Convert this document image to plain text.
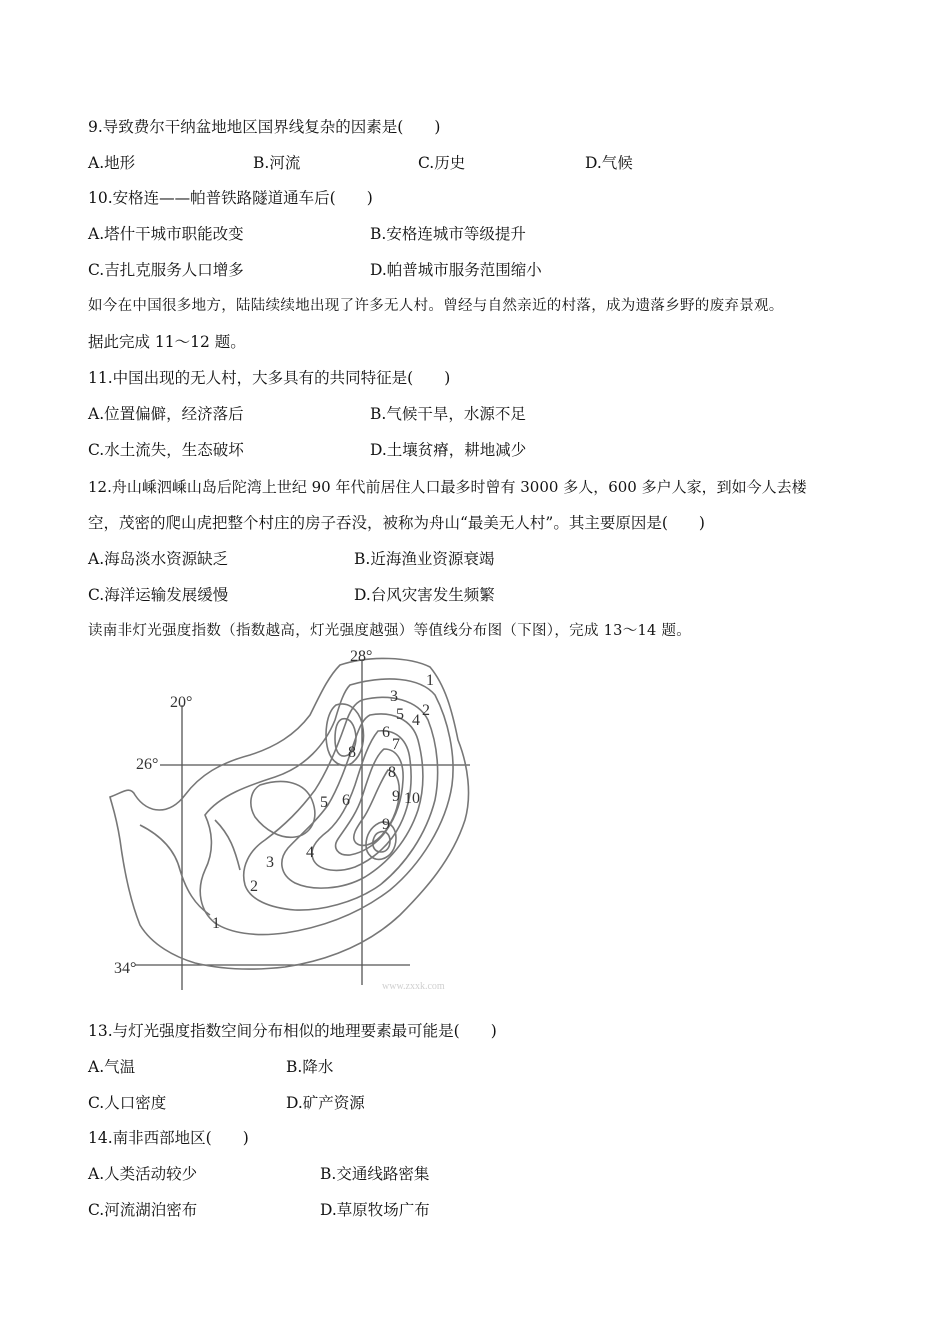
9.导致费尔干纳盆地地区国界线复杂的因素是(　　)
A.地形	B.河流	C.历史	D.气候
10.安格连——帕普铁路隧道通车后(　　)
A.塔什干城市职能改变	B.安格连城市等级提升
C.吉扎克服务人口增多	D.帕普城市服务范围缩小
如今在中国很多地方，陆陆续续地出现了许多无人村。曾经与自然亲近的村落，成为遗落乡野的废弃景观。
据此完成 11～12 题。
11.中国出现的无人村，大多具有的共同特征是(　　)
A.位置偏僻，经济落后	B.气候干旱，水源不足
C.水土流失，生态破坏	D.土壤贫瘠，耕地减少
12.舟山嵊泗嵊山岛后陀湾上世纪 90 年代前居住人口最多时曾有 3000 多人，600 多户人家，到如今人去楼
空，茂密的爬山虎把整个村庄的房子吞没，被称为舟山“最美无人村”。其主要原因是(　　)
A.海岛淡水资源缺乏	B.近海渔业资源衰竭
C.海洋运输发展缓慢	D.台风灾害发生频繁
读南非灯光强度指数（指数越高，灯光强度越强）等值线分布图（下图），完成 13～14 题。
28°
20°
26°
34°
1
2
3
4
5 6
1
2
3
4
5
6
7
8
8
9 10
9
www.zxxk.com
13.与灯光强度指数空间分布相似的地理要素最可能是(　　)
A.气温	B.降水
C.人口密度	D.矿产资源
14.南非西部地区(　　)
A.人类活动较少	B.交通线路密集
C.河流湖泊密布	D.草原牧场广布
